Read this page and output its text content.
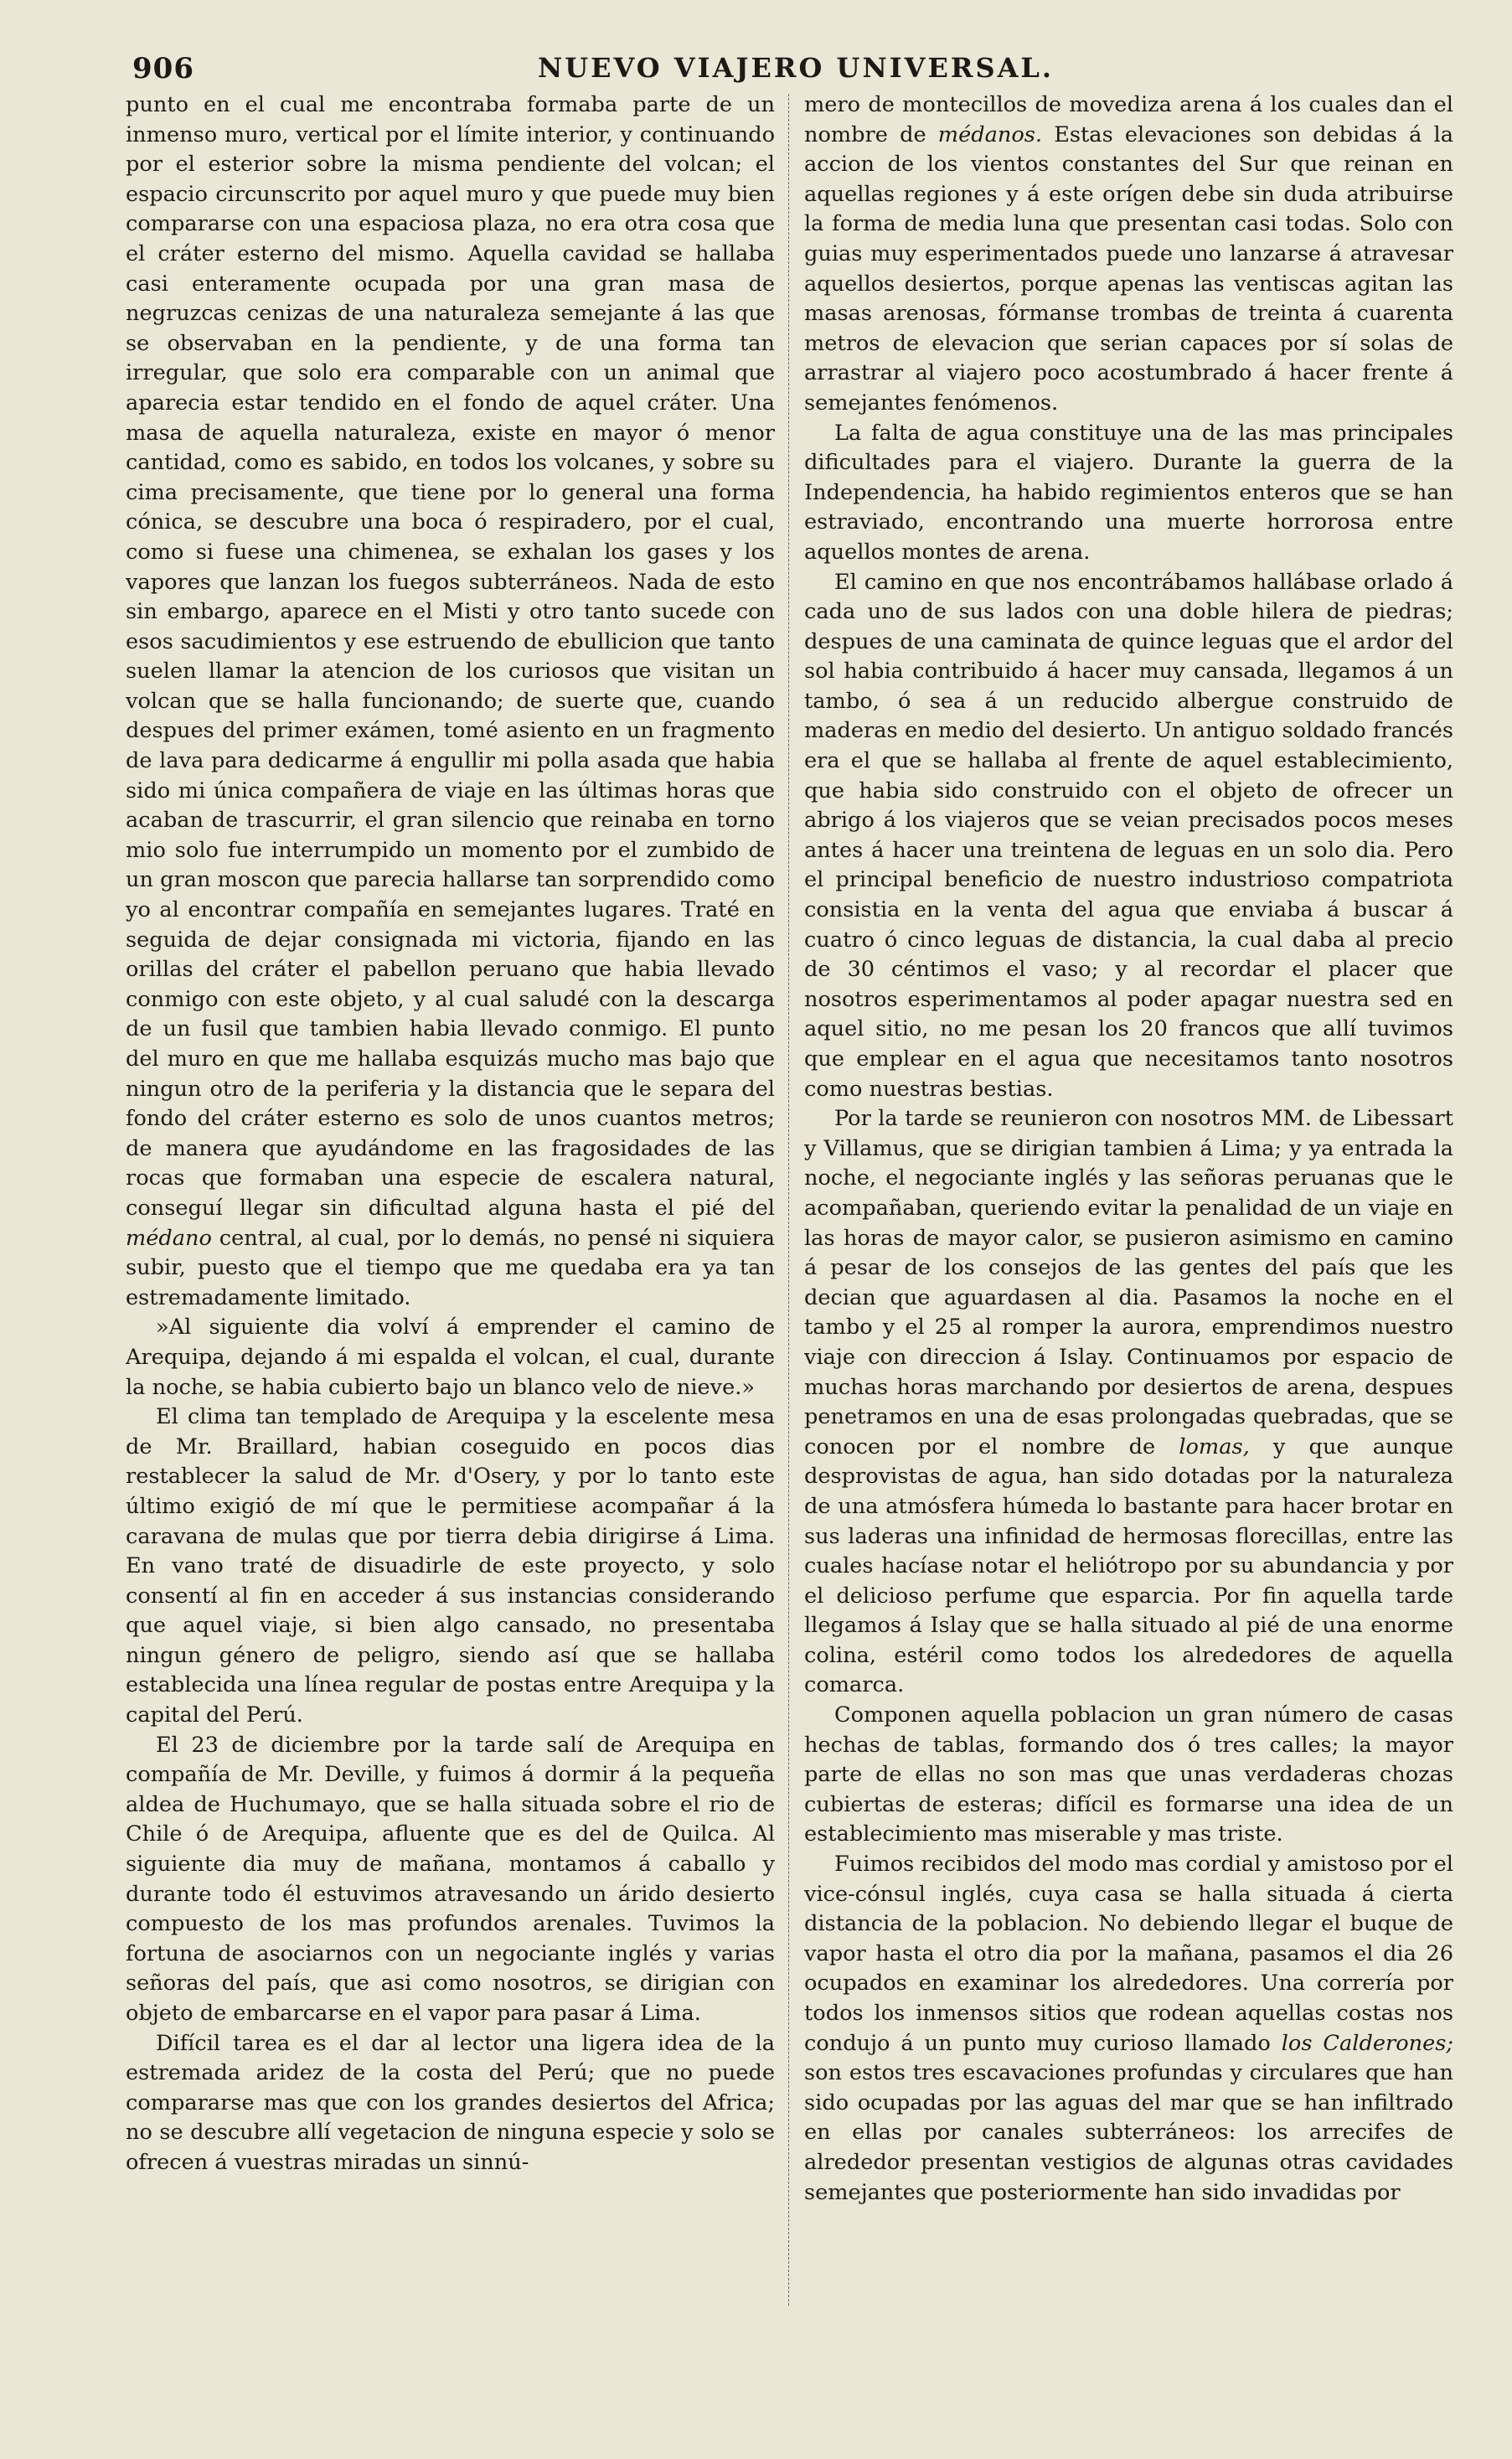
906	NUEVO VIAJERO UNIVERSAL.

punto en el cual me encontraba formaba parte de un inmenso muro, vertical por el límite interior, y continuando por el esterior sobre la misma pendiente del volcan; el espacio circunscrito por aquel muro y que puede muy bien compararse con una espaciosa plaza, no era otra cosa que el cráter esterno del mismo. Aquella cavidad se hallaba casi enteramente ocupada por una gran masa de negruzcas cenizas de una naturaleza semejante á las que se observaban en la pendiente, y de una forma tan irregular, que solo era comparable con un animal que aparecia estar tendido en el fondo de aquel cráter. Una masa de aquella naturaleza, existe en mayor ó menor cantidad, como es sabido, en todos los volcanes, y sobre su cima precisamente, que tiene por lo general una forma cónica, se descubre una boca ó respiradero, por el cual, como si fuese una chimenea, se exhalan los gases y los vapores que lanzan los fuegos subterráneos. Nada de esto sin embargo, aparece en el Misti y otro tanto sucede con esos sacudimientos y ese estruendo de ebullicion que tanto suelen llamar la atencion de los curiosos que visitan un volcan que se halla funcionando; de suerte que, cuando despues del primer exámen, tomé asiento en un fragmento de lava para dedicarme á engullir mi polla asada que habia sido mi única compañera de viaje en las últimas horas que acaban de trascurrir, el gran silencio que reinaba en torno mio solo fue interrumpido un momento por el zumbido de un gran moscon que parecia hallarse tan sorprendido como yo al encontrar compañía en semejantes lugares. Traté en seguida de dejar consignada mi victoria, fijando en las orillas del cráter el pabellon peruano que habia llevado conmigo con este objeto, y al cual saludé con la descarga de un fusil que tambien habia llevado conmigo. El punto del muro en que me hallaba esquizás mucho mas bajo que ningun otro de la periferia y la distancia que le separa del fondo del cráter esterno es solo de unos cuantos metros; de manera que ayudándome en las fragosidades de las rocas que formaban una especie de escalera natural, conseguí llegar sin dificultad alguna hasta el pié del médano central, al cual, por lo demás, no pensé ni siquiera subir, puesto que el tiempo que me quedaba era ya tan estremadamente limitado.

»Al siguiente dia volví á emprender el camino de Arequipa, dejando á mi espalda el volcan, el cual, durante la noche, se habia cubierto bajo un blanco velo de nieve.»

El clima tan templado de Arequipa y la escelente mesa de Mr. Braillard, habian coseguido en pocos dias restablecer la salud de Mr. d'Osery, y por lo tanto este último exigió de mí que le permitiese acompañar á la caravana de mulas que por tierra debia dirigirse á Lima. En vano traté de disuadirle de este proyecto, y solo consentí al fin en acceder á sus instancias considerando que aquel viaje, si bien algo cansado, no presentaba ningun género de peligro, siendo así que se hallaba establecida una línea regular de postas entre Arequipa y la capital del Perú.

El 23 de diciembre por la tarde salí de Arequipa en compañía de Mr. Deville, y fuimos á dormir á la pequeña aldea de Huchumayo, que se halla situada sobre el rio de Chile ó de Arequipa, afluente que es del de Quilca. Al siguiente dia muy de mañana, montamos á caballo y durante todo él estuvimos atravesando un árido desierto compuesto de los mas profundos arenales. Tuvimos la fortuna de asociarnos con un negociante inglés y varias señoras del país, que asi como nosotros, se dirigian con objeto de embarcarse en el vapor para pasar á Lima.

Difícil tarea es el dar al lector una ligera idea de la estremada aridez de la costa del Perú; que no puede compararse mas que con los grandes desiertos del Africa; no se descubre allí vegetacion de ninguna especie y solo se ofrecen á vuestras miradas un sinnú-

mero de montecillos de movediza arena á los cuales dan el nombre de médanos. Estas elevaciones son debidas á la accion de los vientos constantes del Sur que reinan en aquellas regiones y á este orígen debe sin duda atribuirse la forma de media luna que presentan casi todas. Solo con guias muy esperimentados puede uno lanzarse á atravesar aquellos desiertos, porque apenas las ventiscas agitan las masas arenosas, fórmanse trombas de treinta á cuarenta metros de elevacion que serian capaces por sí solas de arrastrar al viajero poco acostumbrado á hacer frente á semejantes fenómenos.

La falta de agua constituye una de las mas principales dificultades para el viajero. Durante la guerra de la Independencia, ha habido regimientos enteros que se han estraviado, encontrando una muerte horrorosa entre aquellos montes de arena.

El camino en que nos encontrábamos hallábase orlado á cada uno de sus lados con una doble hilera de piedras; despues de una caminata de quince leguas que el ardor del sol habia contribuido á hacer muy cansada, llegamos á un tambo, ó sea á un reducido albergue construido de maderas en medio del desierto. Un antiguo soldado francés era el que se hallaba al frente de aquel establecimiento, que habia sido construido con el objeto de ofrecer un abrigo á los viajeros que se veian precisados pocos meses antes á hacer una treintena de leguas en un solo dia. Pero el principal beneficio de nuestro industrioso compatriota consistia en la venta del agua que enviaba á buscar á cuatro ó cinco leguas de distancia, la cual daba al precio de 30 céntimos el vaso; y al recordar el placer que nosotros esperimentamos al poder apagar nuestra sed en aquel sitio, no me pesan los 20 francos que allí tuvimos que emplear en el agua que necesitamos tanto nosotros como nuestras bestias.

Por la tarde se reunieron con nosotros MM. de Libessart y Villamus, que se dirigian tambien á Lima; y ya entrada la noche, el negociante inglés y las señoras peruanas que le acompañaban, queriendo evitar la penalidad de un viaje en las horas de mayor calor, se pusieron asimismo en camino á pesar de los consejos de las gentes del país que les decian que aguardasen al dia. Pasamos la noche en el tambo y el 25 al romper la aurora, emprendimos nuestro viaje con direccion á Islay. Continuamos por espacio de muchas horas marchando por desiertos de arena, despues penetramos en una de esas prolongadas quebradas, que se conocen por el nombre de lomas, y que aunque desprovistas de agua, han sido dotadas por la naturaleza de una atmósfera húmeda lo bastante para hacer brotar en sus laderas una infinidad de hermosas florecillas, entre las cuales hacíase notar el heliótropo por su abundancia y por el delicioso perfume que esparcia. Por fin aquella tarde llegamos á Islay que se halla situado al pié de una enorme colina, estéril como todos los alrededores de aquella comarca.

Componen aquella poblacion un gran número de casas hechas de tablas, formando dos ó tres calles; la mayor parte de ellas no son mas que unas verdaderas chozas cubiertas de esteras; difícil es formarse una idea de un establecimiento mas miserable y mas triste.

Fuimos recibidos del modo mas cordial y amistoso por el vice-cónsul inglés, cuya casa se halla situada á cierta distancia de la poblacion. No debiendo llegar el buque de vapor hasta el otro dia por la mañana, pasamos el dia 26 ocupados en examinar los alrededores. Una correría por todos los inmensos sitios que rodean aquellas costas nos condujo á un punto muy curioso llamado los Calderones; son estos tres escavaciones profundas y circulares que han sido ocupadas por las aguas del mar que se han infiltrado en ellas por canales subterráneos: los arrecifes de alrededor presentan vestigios de algunas otras cavidades semejantes que posteriormente han sido invadidas por
